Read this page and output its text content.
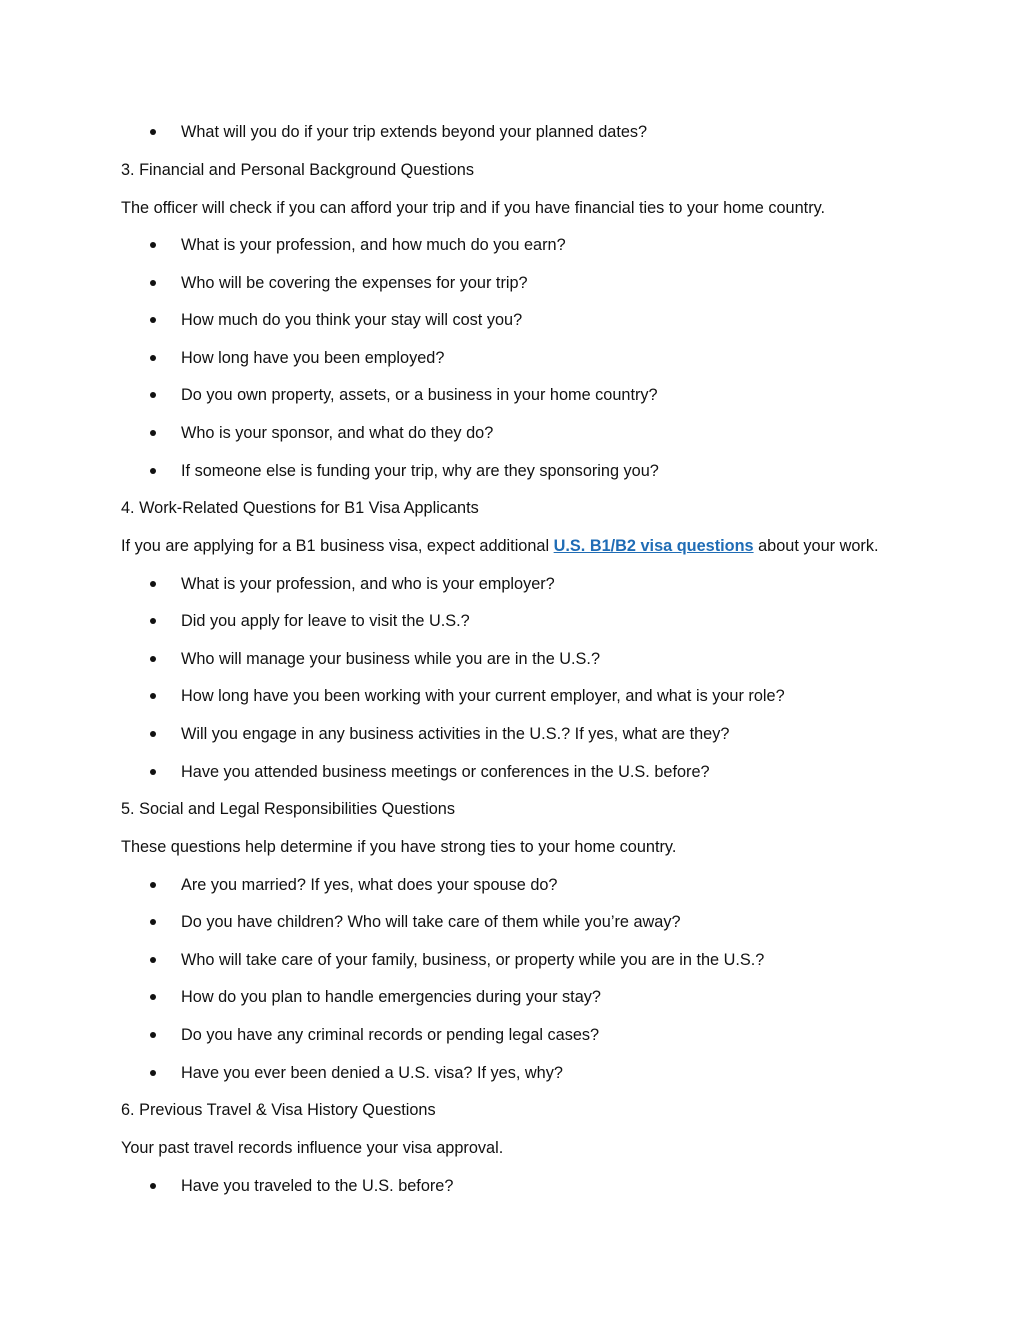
What will you do if your trip extends beyond your planned dates?
3. Financial and Personal Background Questions
The officer will check if you can afford your trip and if you have financial ties to your home country.
What is your profession, and how much do you earn?
Who will be covering the expenses for your trip?
How much do you think your stay will cost you?
How long have you been employed?
Do you own property, assets, or a business in your home country?
Who is your sponsor, and what do they do?
If someone else is funding your trip, why are they sponsoring you?
4. Work-Related Questions for B1 Visa Applicants
If you are applying for a B1 business visa, expect additional U.S. B1/B2 visa questions about your work.
What is your profession, and who is your employer?
Did you apply for leave to visit the U.S.?
Who will manage your business while you are in the U.S.?
How long have you been working with your current employer, and what is your role?
Will you engage in any business activities in the U.S.? If yes, what are they?
Have you attended business meetings or conferences in the U.S. before?
5. Social and Legal Responsibilities Questions
These questions help determine if you have strong ties to your home country.
Are you married? If yes, what does your spouse do?
Do you have children? Who will take care of them while you’re away?
Who will take care of your family, business, or property while you are in the U.S.?
How do you plan to handle emergencies during your stay?
Do you have any criminal records or pending legal cases?
Have you ever been denied a U.S. visa? If yes, why?
6. Previous Travel & Visa History Questions
Your past travel records influence your visa approval.
Have you traveled to the U.S. before?
